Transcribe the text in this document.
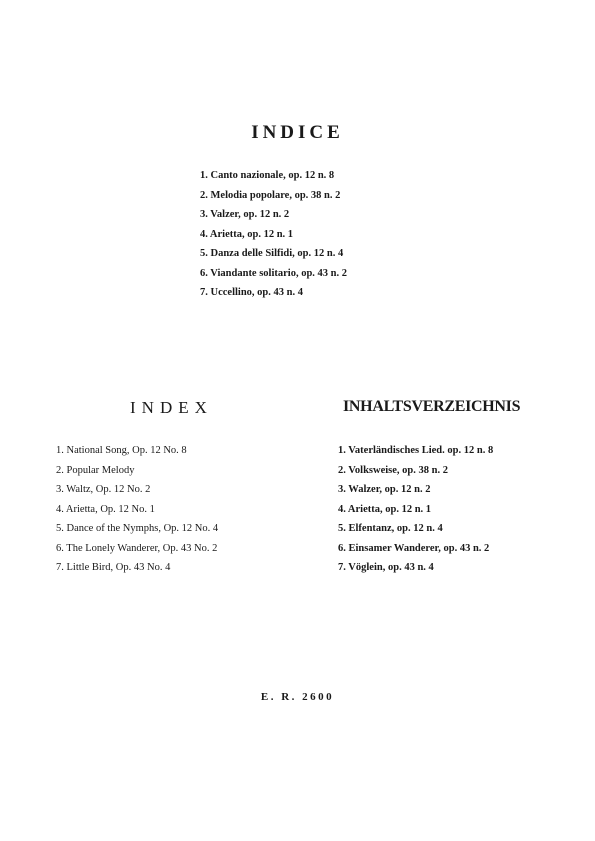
INDICE
1. Canto nazionale, op. 12 n. 8
2. Melodia popolare, op. 38 n. 2
3. Valzer, op. 12 n. 2
4. Arietta, op. 12 n. 1
5. Danza delle Silfidi, op. 12 n. 4
6. Viandante solitario, op. 43 n. 2
7. Uccellino, op. 43 n. 4
INDEX
1. National Song, Op. 12 No. 8
2. Popular Melody
3. Waltz, Op. 12 No. 2
4. Arietta, Op. 12 No. 1
5. Dance of the Nymphs, Op. 12 No. 4
6. The Lonely Wanderer, Op. 43 No. 2
7. Little Bird, Op. 43 No. 4
INHALTSVERZEICHNIS
1. Vaterländisches Lied. op. 12 n. 8
2. Volksweise, op. 38 n. 2
3. Walzer, op. 12 n. 2
4. Arietta, op. 12 n. 1
5. Elfentanz, op. 12 n. 4
6. Einsamer Wanderer, op. 43 n. 2
7. Vöglein, op. 43 n. 4
E. R. 2600
